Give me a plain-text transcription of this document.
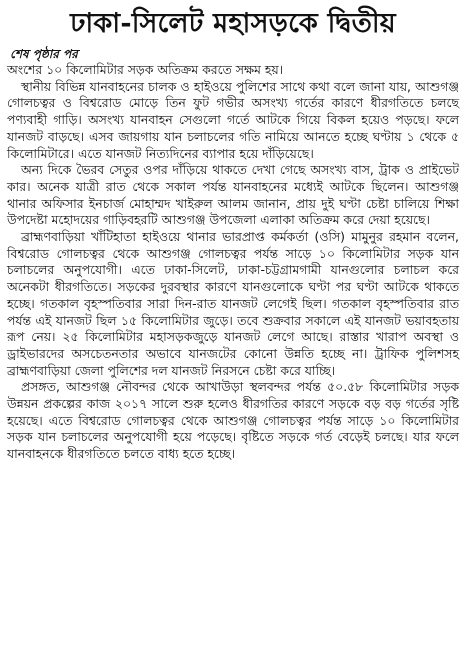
ঢাকা-সিলেট মহাসড়কে দ্বিতীয়
শেষ পৃষ্ঠার পর

অংশের ১০ কিলোমিটার সড়ক অতিক্রম করতে সক্ষম হয়।

স্থানীয় বিভিন্ন যানবাহনের চালক ও হাইওয়ে পুলিশের সাথে কথা বলে জানা যায়, আশুগঞ্জ গোলচত্বর ও বিশ্বরোড মোড়ে তিন ফুট গভীর অসংখ্য গর্তের কারণে ধীরগতিতে চলছে পণ্যবাহী গাড়ি। অসংখ্য যানবাহন সেগুলো গর্তে আটকে গিয়ে বিকল হয়েও পড়ছে। ফলে যানজট বাড়ছে। এসব জায়গায় যান চলাচলের গতি নামিয়ে আনতে হচ্ছে ঘণ্টায় ১ থেকে ৫ কিলোমিটারে। এতে যানজট নিত্যদিনের ব্যাপার হয়ে দাঁড়িয়েছে।

অন্য দিকে ভৈরব সেতুর ওপর দাঁড়িয়ে থাকতে দেখা গেছে অসংখ্য বাস, ট্রাক ও প্রাইভেট কার। অনেক যাত্রী রাত থেকে সকাল পর্যন্ত যানবাহনের মধ্যেই আটকে ছিলেন। আশুগঞ্জ থানার অফিসার ইনচার্জ মোহাম্মদ খাইরুল আলম জানান, প্রায় দুই ঘণ্টা চেষ্টা চালিয়ে শিক্ষা উপদেষ্টা মহোদয়ের গাড়িবহরটি আশুগঞ্জ উপজেলা এলাকা অতিক্রম করে দেয়া হয়েছে।

ব্রাহ্মণবাড়িয়া খাঁটিহাতা হাইওয়ে থানার ভারপ্রাপ্ত কর্মকর্তা (ওসি) মামুনুর রহমান বলেন, বিশ্বরোড গোলচত্বর থেকে আশুগঞ্জ গোলচত্বর পর্যন্ত সাড়ে ১০ কিলোমিটার সড়ক যান চলাচলের অনুপযোগী। এতে ঢাকা-সিলেট, ঢাকা-চট্টগ্রামগামী যানগুলোর চলাচল করে অনেকটা ধীরগতিতে। সড়কের দুরবস্থার কারণে যানগুলোকে ঘণ্টা পর ঘণ্টা আটকে থাকতে হচ্ছে। গতকাল বৃহস্পতিবার সারা দিন-রাত যানজট লেগেই ছিল। গতকাল বৃহস্পতিবার রাত পর্যন্ত এই যানজট ছিল ১৫ কিলোমিটার জুড়ে। তবে শুক্রবার সকালে এই যানজট ভয়াবহতায় রূপ নেয়। ২৫ কিলোমিটার মহাসড়কজুড়ে যানজট লেগে আছে। রাস্তার খারাপ অবস্থা ও ড্রাইভারদের অসচেতনতার অভাবে যানজটের কোনো উন্নতি হচ্ছে না। ট্রাফিক পুলিশসহ ব্রাহ্মণবাড়িয়া জেলা পুলিশের দল যানজট নিরসনে চেষ্টা করে যাচ্ছি।

প্রসঙ্গত, আশুগঞ্জ নৌবন্দর থেকে আখাউড়া স্থলবন্দর পর্যন্ত ৫০.৫৮ কিলোমিটার সড়ক উন্নয়ন প্রকল্পের কাজ ২০১৭ সালে শুরু হলেও ধীরগতির কারণে সড়কে বড় বড় গর্তের সৃষ্টি হয়েছে। এতে বিশ্বরোড গোলচত্বর থেকে আশুগঞ্জ গোলচত্বর পর্যন্ত সাড়ে ১০ কিলোমিটার সড়ক যান চলাচলের অনুপযোগী হয়ে পড়েছে। বৃষ্টিতে সড়কে গর্ত বেড়েই চলছে। যার ফলে যানবাহনকে ধীরগতিতে চলতে বাধ্য হতে হচ্ছে।
